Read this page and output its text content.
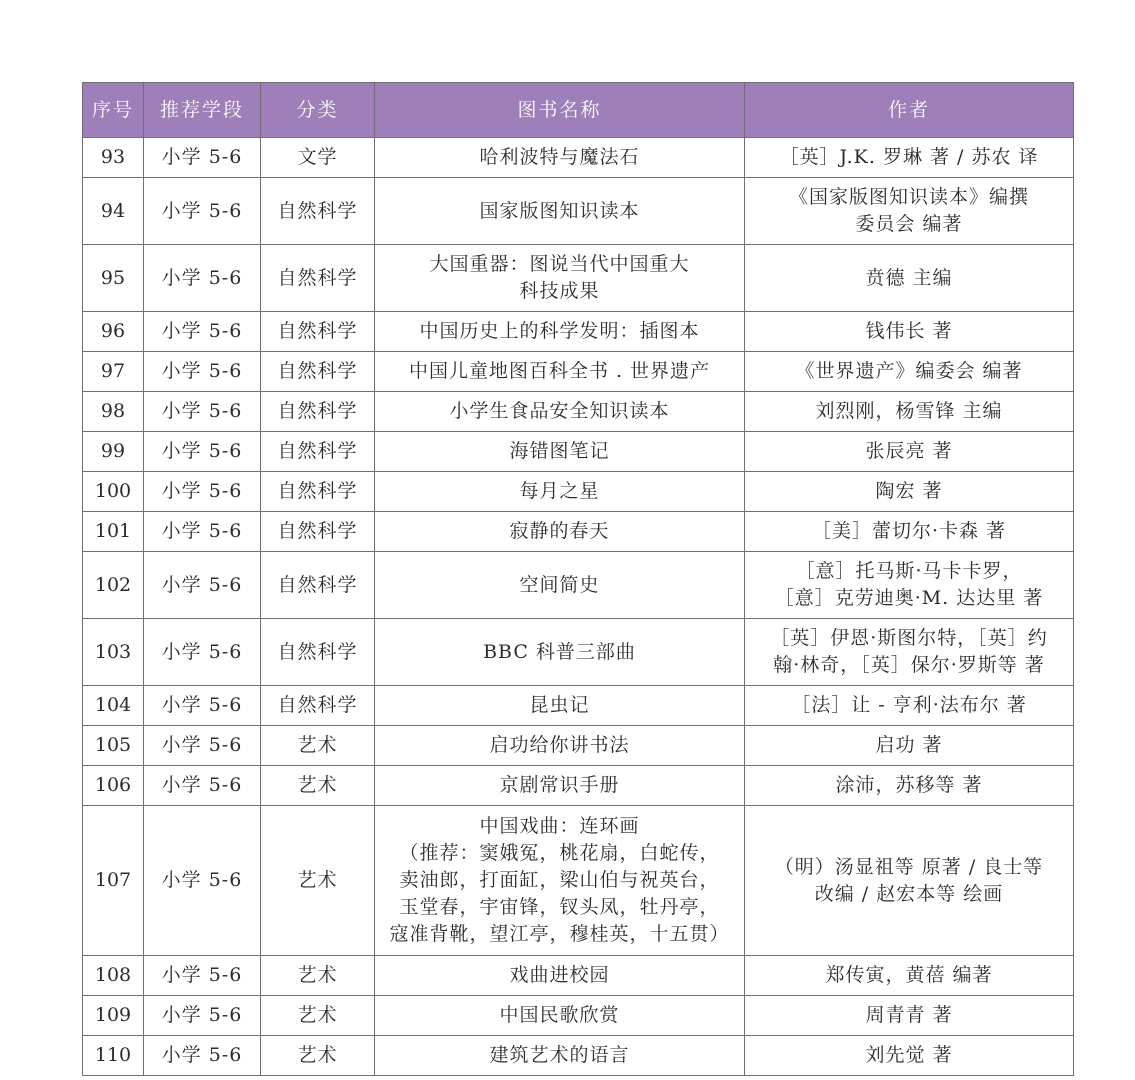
序号	推荐学段	分类	图书名称	作者
93	小学 5-6	文学	哈利波特与魔法石	［英］J.K. 罗琳 著 / 苏农 译
94	小学 5-6	自然科学	国家版图知识读本	《国家版图知识读本》编撰
委员会 编著
95	小学 5-6	自然科学	大国重器：图说当代中国重大
科技成果	贲德 主编
96	小学 5-6	自然科学	中国历史上的科学发明：插图本	钱伟长 著
97	小学 5-6	自然科学	中国儿童地图百科全书 . 世界遗产	《世界遗产》编委会 编著
98	小学 5-6	自然科学	小学生食品安全知识读本	刘烈刚，杨雪锋 主编
99	小学 5-6	自然科学	海错图笔记	张辰亮 著
100	小学 5-6	自然科学	每月之星	陶宏 著
101	小学 5-6	自然科学	寂静的春天	［美］蕾切尔·卡森 著
102	小学 5-6	自然科学	空间简史	［意］托马斯·马卡卡罗，
［意］克劳迪奥·M. 达达里 著
103	小学 5-6	自然科学	BBC 科普三部曲	［英］伊恩·斯图尔特，［英］约
翰·林奇，［英］保尔·罗斯等 著
104	小学 5-6	自然科学	昆虫记	［法］让 - 亨利·法布尔 著
105	小学 5-6	艺术	启功给你讲书法	启功 著
106	小学 5-6	艺术	京剧常识手册	涂沛，苏移等 著
107	小学 5-6	艺术	中国戏曲：连环画
（推荐：窦娥冤，桃花扇，白蛇传，
卖油郎，打面缸，梁山伯与祝英台，
玉堂春，宇宙锋，钗头凤，牡丹亭，
寇准背靴，望江亭，穆桂英，十五贯）	（明）汤显祖等 原著 / 良士等
改编 / 赵宏本等 绘画
108	小学 5-6	艺术	戏曲进校园	郑传寅，黄蓓 编著
109	小学 5-6	艺术	中国民歌欣赏	周青青 著
110	小学 5-6	艺术	建筑艺术的语言	刘先觉 著
